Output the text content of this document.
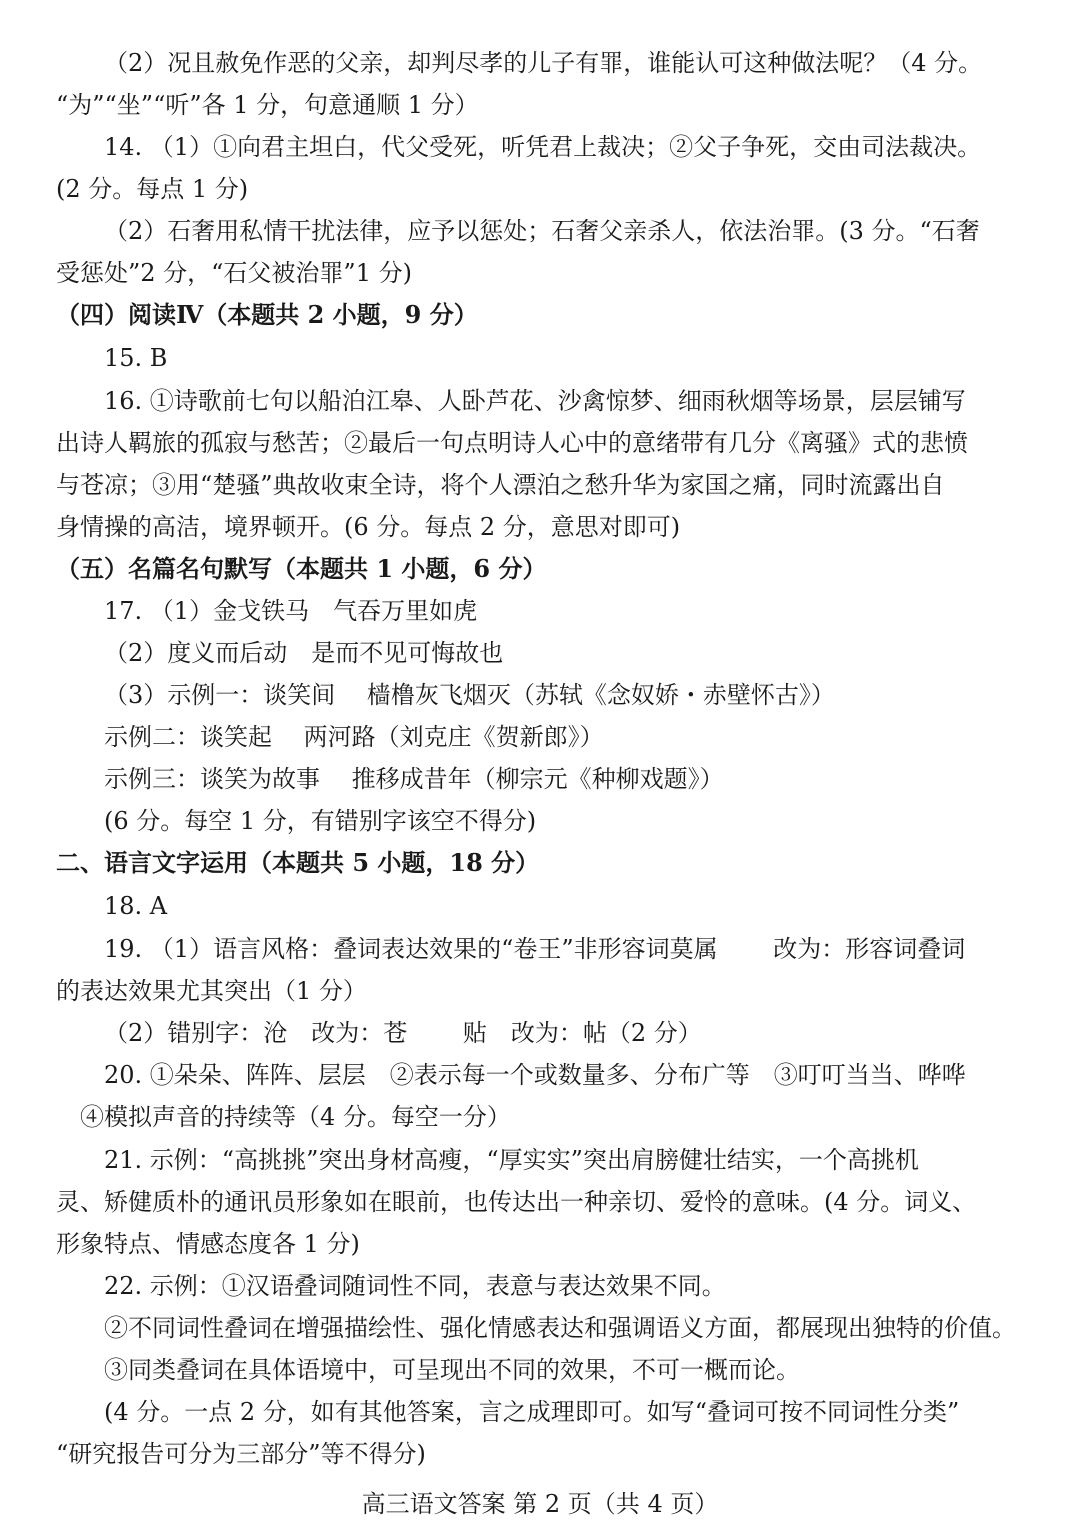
（2）况且赦免作恶的父亲，却判尽孝的儿子有罪，谁能认可这种做法呢？（4 分。
“为”“坐”“听”各 1 分，句意通顺 1 分）
14. （1）①向君主坦白，代父受死，听凭君上裁决；②父子争死，交由司法裁决。
(2 分。每点 1 分)
（2）石奢用私情干扰法律，应予以惩处；石奢父亲杀人，依法治罪。(3 分。“石奢
受惩处”2 分，“石父被治罪”1 分)
（四）阅读Ⅳ（本题共 2 小题，9 分）
15. B
16. ①诗歌前七句以船泊江皋、人卧芦花、沙禽惊梦、细雨秋烟等场景，层层铺写
出诗人羁旅的孤寂与愁苦；②最后一句点明诗人心中的意绪带有几分《离骚》式的悲愤
与苍凉；③用“楚骚”典故收束全诗，将个人漂泊之愁升华为家国之痛，同时流露出自
身情操的高洁，境界顿开。(6 分。每点 2 分，意思对即可)
（五）名篇名句默写（本题共 1 小题，6 分）
17. （1）金戈铁马　气吞万里如虎
（2）度义而后动　是而不见可悔故也
（3）示例一：谈笑间　 樯橹灰飞烟灭（苏轼《念奴娇・赤壁怀古》）
示例二：谈笑起　 两河路（刘克庄《贺新郎》）
示例三：谈笑为故事　 推移成昔年（柳宗元《种柳戏题》）
(6 分。每空 1 分，有错别字该空不得分)
二、语言文字运用（本题共 5 小题，18 分）
18. A
19. （1）语言风格：叠词表达效果的“卷王”非形容词莫属　　 改为：形容词叠词
的表达效果尤其突出（1 分）
（2）错别字：沧　改为：苍　　 贴　改为：帖（2 分）
20. ①朵朵、阵阵、层层　②表示每一个或数量多、分布广等　③叮叮当当、哗哗
④模拟声音的持续等（4 分。每空一分）
21. 示例：“高挑挑”突出身材高瘦，“厚实实”突出肩膀健壮结实，一个高挑机
灵、矫健质朴的通讯员形象如在眼前，也传达出一种亲切、爱怜的意味。(4 分。词义、
形象特点、情感态度各 1 分)
22. 示例：①汉语叠词随词性不同，表意与表达效果不同。
②不同词性叠词在增强描绘性、强化情感表达和强调语义方面，都展现出独特的价值。
③同类叠词在具体语境中，可呈现出不同的效果，不可一概而论。
(4 分。一点 2 分，如有其他答案，言之成理即可。如写“叠词可按不同词性分类”
“研究报告可分为三部分”等不得分)
高三语文答案 第 2 页（共 4 页）
